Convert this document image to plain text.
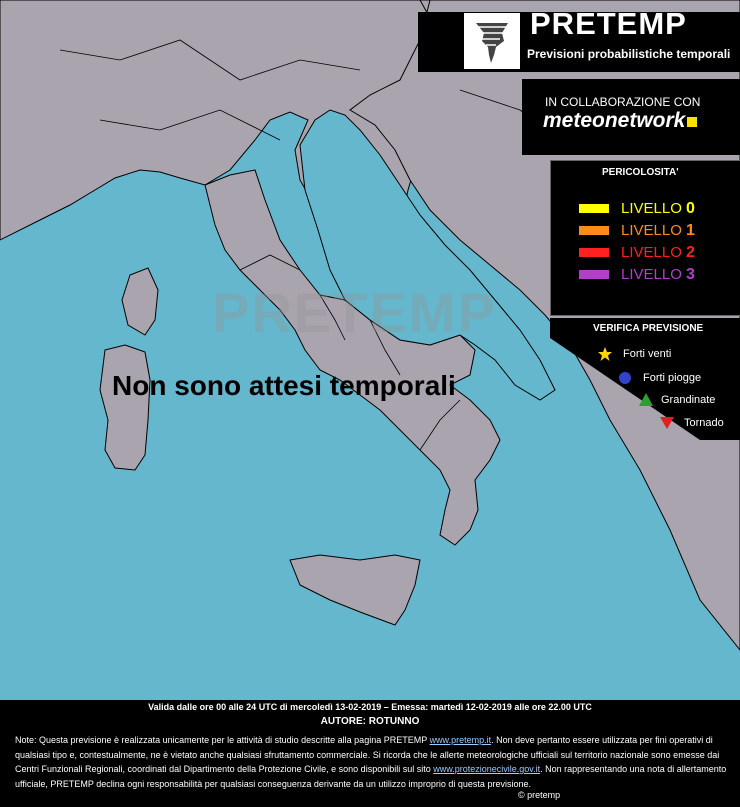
PRETEMP
Non sono attesi temporali
PRETEMP
Previsioni probabilistiche temporali
IN COLLABORAZIONE CON
meteonetwork
PERICOLOSITA'
LIVELLO 0
LIVELLO 1
LIVELLO 2
LIVELLO 3
VERIFICA PREVISIONE
Forti venti
Forti piogge
Grandinate
Tornado
Valida dalle ore 00 alle 24 UTC di mercoledì 13-02-2019 – Emessa: martedì 12-02-2019 alle ore 22.00 UTC
AUTORE: ROTUNNO
Note: Questa previsione è realizzata unicamente per le attività di studio descritte alla pagina PRETEMP www.pretemp.it. Non deve pertanto essere utilizzata per fini operativi di qualsiasi tipo e, contestualmente, ne è vietato anche qualsiasi sfruttamento commerciale. Si ricorda che le allerte meteorologiche ufficiali sul territorio nazionale sono emesse dai Centri Funzionali Regionali, coordinati dal Dipartimento della Protezione Civile, e sono disponibili sul sito www.protezionecivile.gov.it. Non rappresentando una nota di allertamento ufficiale, PRETEMP declina ogni responsabilità per qualsiasi conseguenza derivante da un utilizzo improprio di questa previsione.
© pretemp
